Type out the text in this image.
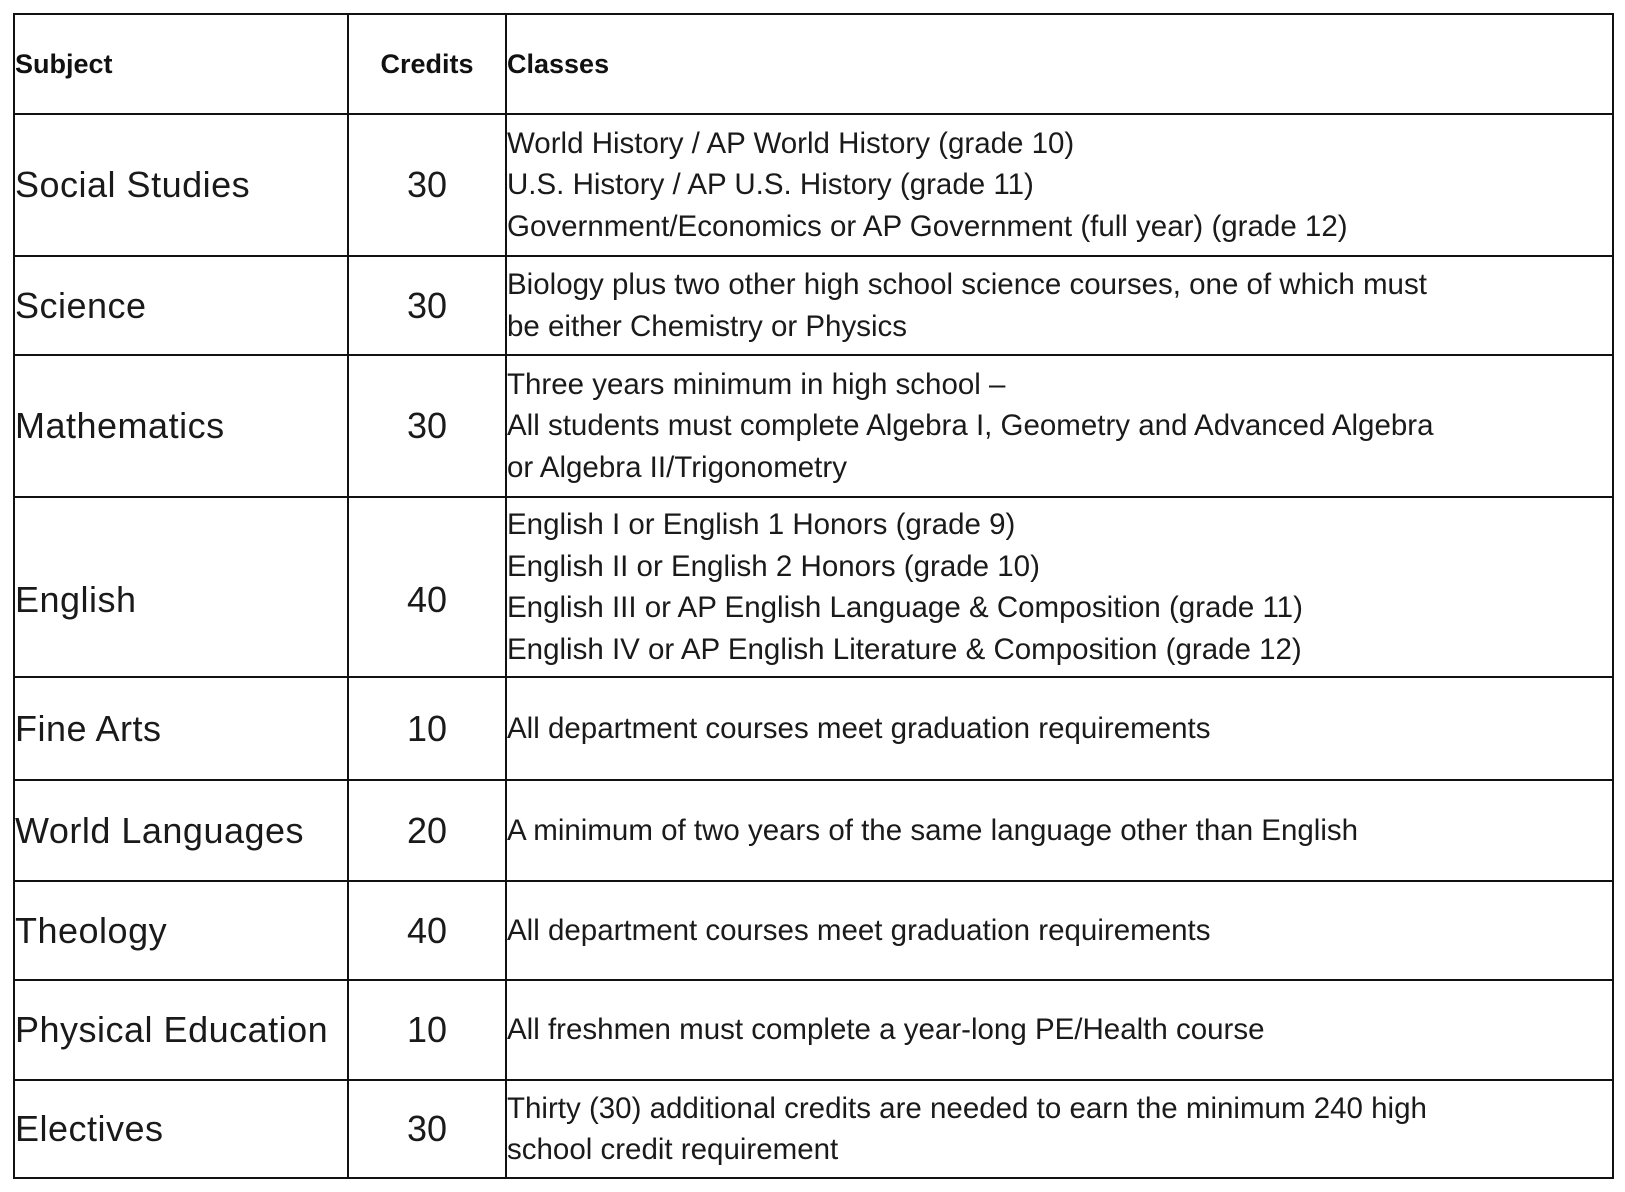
Subject	Credits	Classes
Social Studies	30	World History / AP World History (grade 10)
U.S. History / AP U.S. History (grade 11)
Government/Economics or AP Government (full year) (grade 12)

Science	30	Biology plus two other high school science courses, one of which must
be either Chemistry or Physics

Mathematics	30	Three years minimum in high school –
All students must complete Algebra I, Geometry and Advanced Algebra
or Algebra II/Trigonometry

English	40	English I or English 1 Honors (grade 9)
English II or English 2 Honors (grade 10)
English III or AP English Language & Composition (grade 11)
English IV or AP English Literature & Composition (grade 12)

Fine Arts	10	All department courses meet graduation requirements

World Languages	20	A minimum of two years of the same language other than English

Theology	40	All department courses meet graduation requirements

Physical Education	10	All freshmen must complete a year-long PE/Health course

Electives	30	Thirty (30) additional credits are needed to earn the minimum 240 high
school credit requirement
